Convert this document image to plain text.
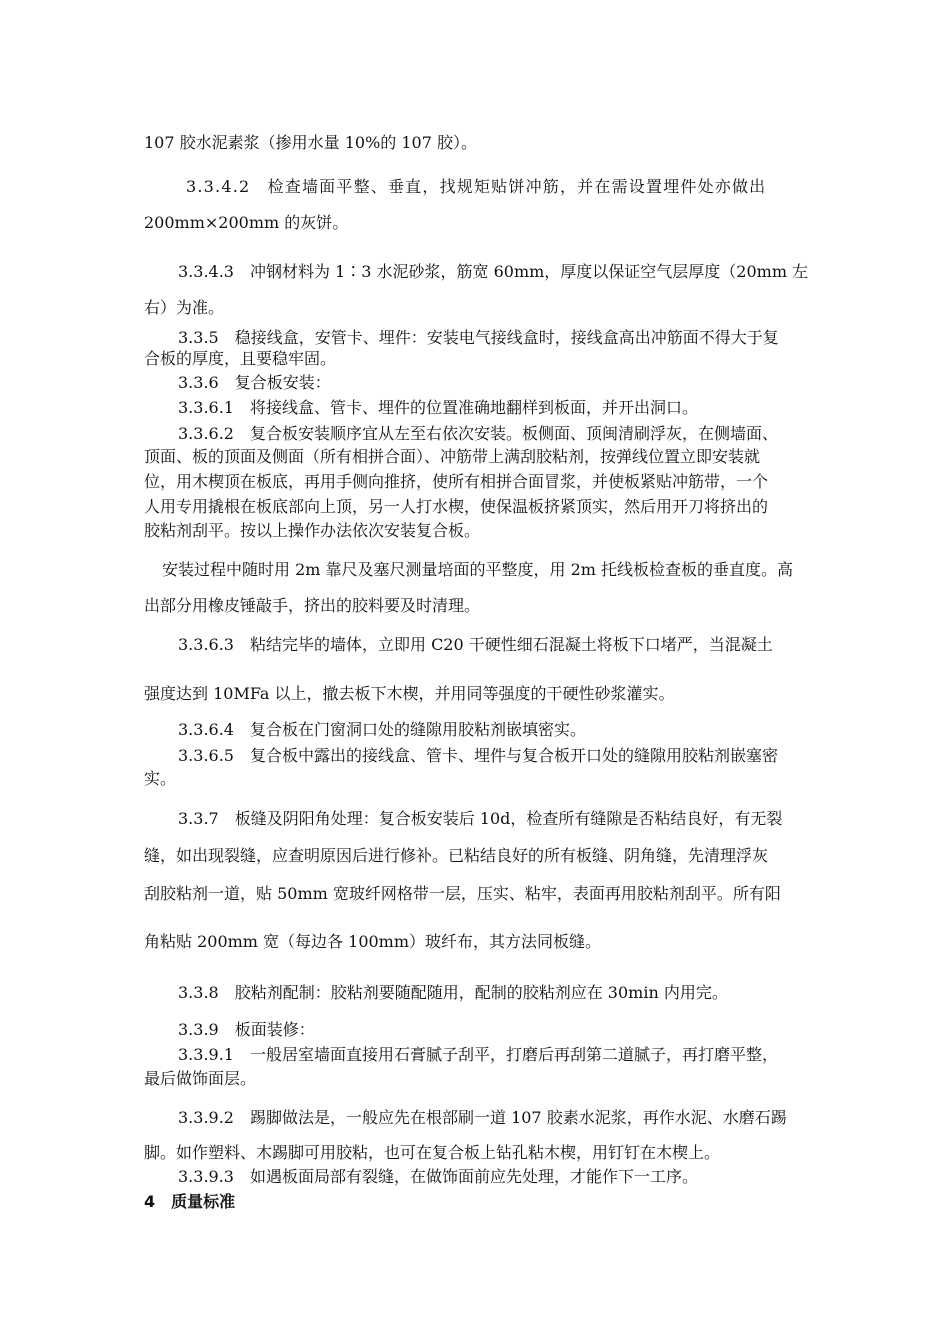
107 胶水泥素浆（掺用水量 10%的 107 胶）。
3.3.4.2　检查墙面平整、垂直，找规矩贴饼冲筋，并在需设置埋件处亦做出
200mm×200mm 的灰饼。
3.3.4.3　冲钢材料为 1∶3 水泥砂浆，筋宽 60mm，厚度以保证空气层厚度（20mm 左
右）为准。
3.3.5　稳接线盒，安管卡、埋件：安装电气接线盒时，接线盒高出冲筋面不得大于复
合板的厚度，且要稳牢固。
3.3.6　复合板安装：
3.3.6.1　将接线盒、管卡、埋件的位置准确地翻样到板面，并开出洞口。
3.3.6.2　复合板安装顺序宜从左至右依次安装。板侧面、顶闽清刷浮灰，在侧墙面、
顶面、板的顶面及侧面（所有相拼合面）、冲筋带上满刮胶粘剂，按弹线位置立即安装就
位，用木楔顶在板底，再用手侧向推挤，使所有相拼合面冒浆，并使板紧贴冲筋带，一个
人用专用撬根在板底部向上顶，另一人打水楔，使保温板挤紧顶实，然后用开刀将挤出的
胶粘剂刮平。按以上操作办法依次安装复合板。
安装过程中随时用 2m 靠尺及塞尺测量培面的平整度，用 2m 托线板检查板的垂直度。高
出部分用橡皮锤敲手，挤出的胶料要及时清理。
3.3.6.3　粘结完毕的墙体，立即用 C20 干硬性细石混凝土将板下口堵严，当混凝土
强度达到 10MFa 以上，撤去板下木楔，并用同等强度的干硬性砂浆灌实。
3.3.6.4　复合板在门窗洞口处的缝隙用胶粘剂嵌填密实。
3.3.6.5　复合板中露出的接线盒、管卡、埋件与复合板开口处的缝隙用胶粘剂嵌塞密
实。
3.3.7　板缝及阴阳角处理：复合板安装后 10d，检查所有缝隙是否粘结良好，有无裂
缝，如出现裂缝，应查明原因后进行修补。已粘结良好的所有板缝、阴角缝，先清理浮灰
刮胶粘剂一道，贴 50mm 宽玻纤网格带一层，压实、粘牢，表面再用胶粘剂刮平。所有阳
角粘贴 200mm 宽（每边各 100mm）玻纤布，其方法同板缝。
3.3.8　胶粘剂配制：胶粘剂要随配随用，配制的胶粘剂应在 30min 内用完。
3.3.9　板面装修：
3.3.9.1　一般居室墙面直接用石膏腻子刮平，打磨后再刮第二道腻子，再打磨平整，
最后做饰面层。
3.3.9.2　踢脚做法是，一般应先在根部刷一道 107 胶素水泥浆，再作水泥、水磨石踢
脚。如作塑料、木踢脚可用胶粘，也可在复合板上钻孔粘木楔，用钉钉在木楔上。
3.3.9.3　如遇板面局部有裂缝，在做饰面前应先处理，才能作下一工序。
4　质量标准
